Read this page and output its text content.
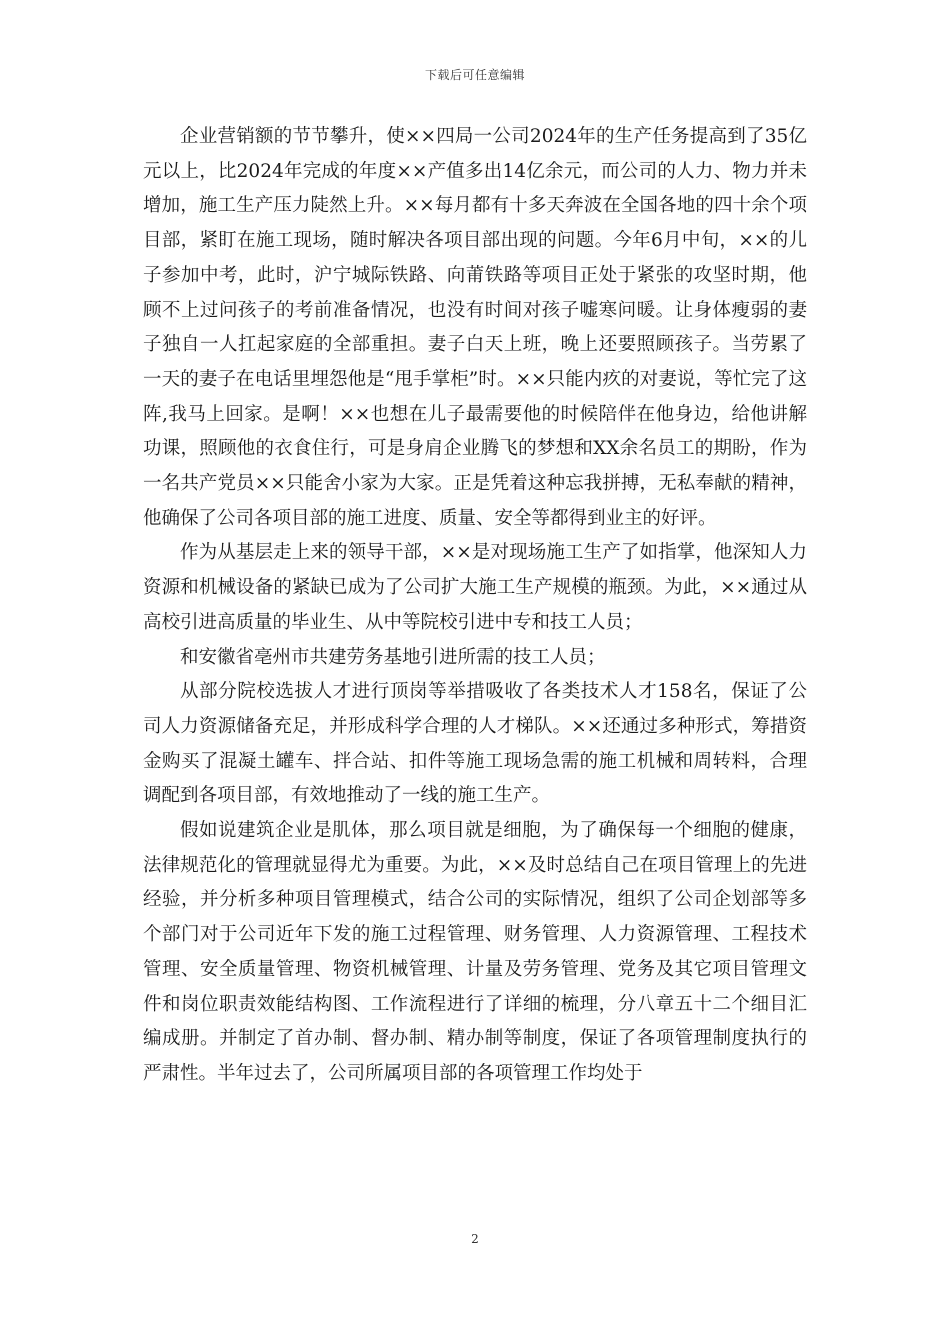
下载后可任意编辑

企业营销额的节节攀升，使××四局一公司2024年的生产任务提高到了35亿元以上，比2024年完成的年度××产值多出14亿余元，而公司的人力、物力并未增加，施工生产压力陡然上升。××每月都有十多天奔波在全国各地的四十余个项目部，紧盯在施工现场，随时解决各项目部出现的问题。今年6月中旬，××的儿子参加中考，此时，沪宁城际铁路、向莆铁路等项目正处于紧张的攻坚时期，他顾不上过问孩子的考前准备情况，也没有时间对孩子嘘寒问暖。让身体瘦弱的妻子独自一人扛起家庭的全部重担。妻子白天上班，晚上还要照顾孩子。当劳累了一天的妻子在电话里埋怨他是“甩手掌柜”时。××只能内疚的对妻说，等忙完了这阵,我马上回家。是啊！××也想在儿子最需要他的时候陪伴在他身边，给他讲解功课，照顾他的衣食住行，可是身肩企业腾飞的梦想和XX余名员工的期盼，作为一名共产党员××只能舍小家为大家。正是凭着这种忘我拼搏，无私奉献的精神，他确保了公司各项目部的施工进度、质量、安全等都得到业主的好评。

作为从基层走上来的领导干部，××是对现场施工生产了如指掌，他深知人力资源和机械设备的紧缺已成为了公司扩大施工生产规模的瓶颈。为此，××通过从高校引进高质量的毕业生、从中等院校引进中专和技工人员；

和安徽省亳州市共建劳务基地引进所需的技工人员；

从部分院校选拔人才进行顶岗等举措吸收了各类技术人才158名，保证了公司人力资源储备充足，并形成科学合理的人才梯队。××还通过多种形式，筹措资金购买了混凝土罐车、拌合站、扣件等施工现场急需的施工机械和周转料，合理调配到各项目部，有效地推动了一线的施工生产。

假如说建筑企业是肌体，那么项目就是细胞，为了确保每一个细胞的健康，法律规范化的管理就显得尤为重要。为此，××及时总结自己在项目管理上的先进经验，并分析多种项目管理模式，结合公司的实际情况，组织了公司企划部等多个部门对于公司近年下发的施工过程管理、财务管理、人力资源管理、工程技术管理、安全质量管理、物资机械管理、计量及劳务管理、党务及其它项目管理文件和岗位职责效能结构图、工作流程进行了详细的梳理，分八章五十二个细目汇编成册。并制定了首办制、督办制、精办制等制度，保证了各项管理制度执行的严肃性。半年过去了，公司所属项目部的各项管理工作均处于

2
